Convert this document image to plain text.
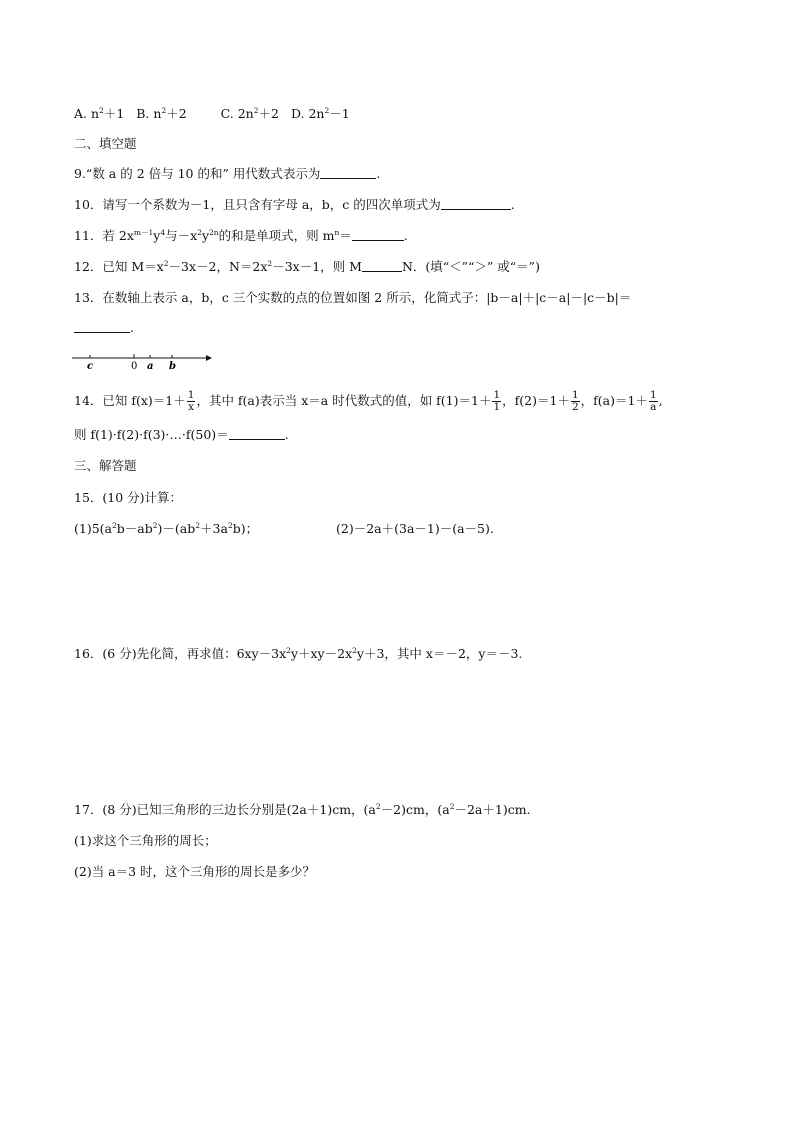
A. $n^2+1$ B. $n^2+2$	C. $2n^2+2$ D. $2n^2-1$
二、填空题
9.“数 a 的 2 倍与 10 的和” 用代数式表示为	.
10．请写一个系数为－1，且只含有字母 a，b，c 的四次单项式为	.
11．若 $2x^{m-1}y^4$与$-x^2y^{2n}$的和是单项式，则 $m^n=$	.
12．已知 $M=x^2-3x-2$，$N=2x^2-3x-1$，则 M	N．(填“＜”“＞” 或“＝”)
13．在数轴上表示 a，b，c 三个实数的点的位置如图 2 所示，化简式子：|b－a|＋|c－a|－|c－b|＝
.
c	0 a b
14．已知 $f(x)=1+ \frac{1}{x}$ ，其中 f(a)表示当 x＝a 时代数式的值，如 $f(1)=1+ \frac{1}{1}$ ，$f(2)=1+ \frac{1}{2}$ ，$f(a)=1+ \frac{1}{a}$ ,
则 f(1)·f(2)·f(3)·…·f(50)＝	.
三、解答题
15．(10 分)计算：
$(1)5(a^2b-ab^2)-(ab^2+3a^2b)$；	(2)－2a＋(3a－1)－(a－5).
16．(6 分)先化简，再求值：$6xy-3x^2y+xy-2x^2y+3$，其中 x＝－2，y＝－3.
17．(8 分)已知三角形的三边长分别是(2a＋1)cm，$(a^2-2)cm$，$(a^2-2a+1)cm$.
(1)求这个三角形的周长；
(2)当 a＝3 时，这个三角形的周长是多少？
